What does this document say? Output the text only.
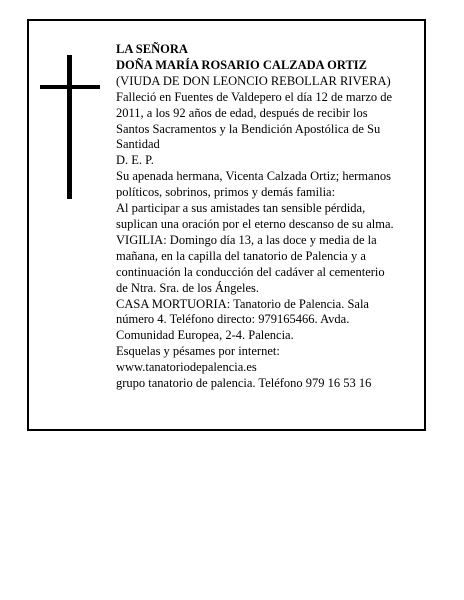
LA SEÑORA
DOÑA MARÍA ROSARIO CALZADA ORTIZ
(VIUDA DE DON LEONCIO REBOLLAR RIVERA)
Falleció en Fuentes de Valdepero el día 12 de marzo de
2011, a los 92 años de edad, después de recibir los
Santos Sacramentos y la Bendición Apostólica de Su
Santidad
D. E. P.
Su apenada hermana, Vicenta Calzada Ortiz; hermanos
políticos, sobrinos, primos y demás familia:
Al participar a sus amistades tan sensible pérdida,
suplican una oración por el eterno descanso de su alma.
VIGILIA: Domingo día 13, a las doce y media de la
mañana, en la capilla del tanatorio de Palencia y a
continuación la conducción del cadáver al cementerio
de Ntra. Sra. de los Ángeles.
CASA MORTUORIA: Tanatorio de Palencia. Sala
número 4. Teléfono directo: 979165466. Avda.
Comunidad Europea, 2-4. Palencia.
Esquelas y pésames por internet:
www.tanatoriodepalencia.es
grupo tanatorio de palencia. Teléfono 979 16 53 16
